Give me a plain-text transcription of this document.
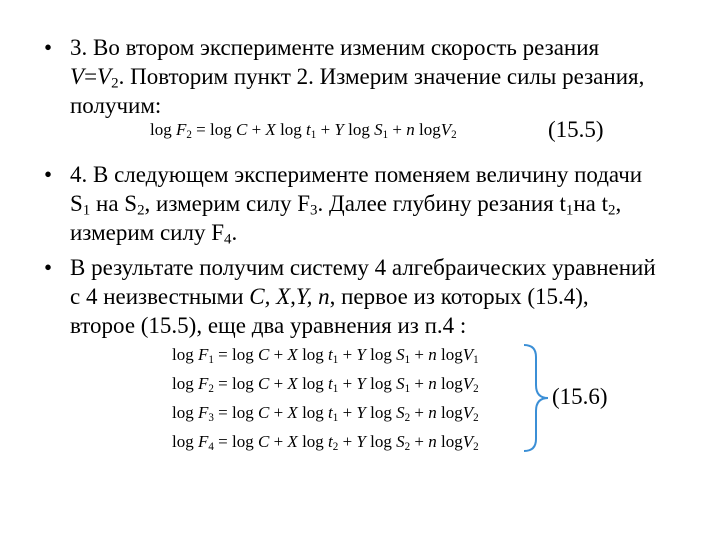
• 3. Во втором эксперименте изменим скорость резания
$V=V_2$. Повторим пункт 2. Измерим значение силы резания,
получим:
$\log F_2 = \log C + X$ $\log t_1 + Y$ $\log S_1 + n$ logV$_2$	(15.5)
• 4. В следующем эксперименте поменяем величину подачи
$S_1$ на $S_2$, измерим силу $F_3$. Далее глубину резания $t_1на$ $t_2$,
измерим силу $F_4$.
• В результате получим систему 4 алгебраических уравнений
с 4 неизвестными C, X,Y, n, первое из которых (15.4),
второе (15.5), еще два уравнения из п.4 :
$\log F_1 = \log C + X$ $\log t_1 + Y$ $\log S_1 + n$ logV$_1$
$\log F_2 = \log C + X$ $\log t_1 + Y$ $\log S_1 + n$ logV$_2$
$\log F_3 = \log C + X$ $\log t_1 + Y$ $\log S_2 + n$ logV$_2$
$\log F_4 = \log C + X$ $\log t_2 + Y$ $\log S_2 + n$ logV$_2$
(15.6)
